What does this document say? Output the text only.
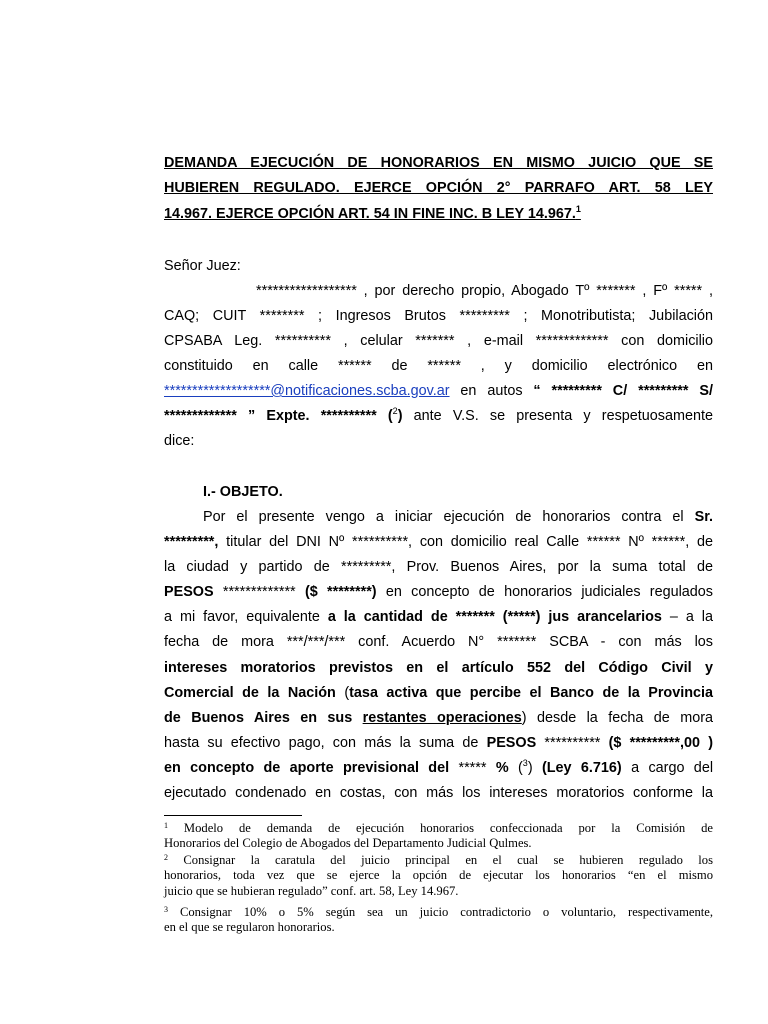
DEMANDA EJECUCIÓN DE HONORARIOS EN MISMO JUICIO QUE SE

HUBIEREN REGULADO. EJERCE OPCIÓN 2° PARRAFO ART. 58 LEY

14.967. EJERCE OPCIÓN ART. 54 IN FINE INC. B LEY 14.967.$^1$

Señor Juez:

****************** , por derecho propio, Abogado Tº ******* , Fº ***** ,

CAQ; CUIT ******** ; Ingresos Brutos ********* ; Monotributista; Jubilación

CPSABA Leg. ********** , celular ******* , e-mail ************* con domicilio

constituido en calle ****** de ****** , y domicilio electrónico en

*******************@notificaciones.scba.gov.ar en autos “ ********* C/ ********* S/

************* ” Expte. ********** ($^2$) ante V.S. se presenta y respetuosamente

dice:

I.- OBJETO.

Por el presente vengo a iniciar ejecución de honorarios contra el Sr.

*********, titular del DNI Nº **********, con domicilio real Calle ****** Nº ******, de

la ciudad y partido de *********, Prov. Buenos Aires, por la suma total de

PESOS ************* ($ ********) en concepto de honorarios judiciales regulados

a mi favor, equivalente a la cantidad de ******* (*****) jus arancelarios – a la

fecha de mora ***/***/*** conf. Acuerdo N° ******* SCBA - con más los

intereses moratorios previstos en el artículo 552 del Código Civil y

Comercial de la Nación (tasa activa que percibe el Banco de la Provincia

de Buenos Aires en sus restantes operaciones) desde la fecha de mora

hasta su efectivo pago, con más la suma de PESOS ********** ($ *********,00 )

en concepto de aporte previsional del ***** % ($^3$) (Ley 6.716) a cargo del

ejecutado condenado en costas, con más los intereses moratorios conforme la

$^1$ Modelo de demanda de ejecución honorarios confeccionada por la Comisión de

Honorarios del Colegio de Abogados del Departamento Judicial Qulmes.

$^2$ Consignar la caratula del juicio principal en el cual se hubieren regulado los

honorarios, toda vez que se ejerce la opción de ejecutar los honorarios “en el mismo

juicio que se hubieran regulado” conf. art. 58, Ley 14.967.

$^3$ Consignar 10% o 5% según sea un juicio contradictorio o voluntario, respectivamente,

en el que se regularon honorarios.
